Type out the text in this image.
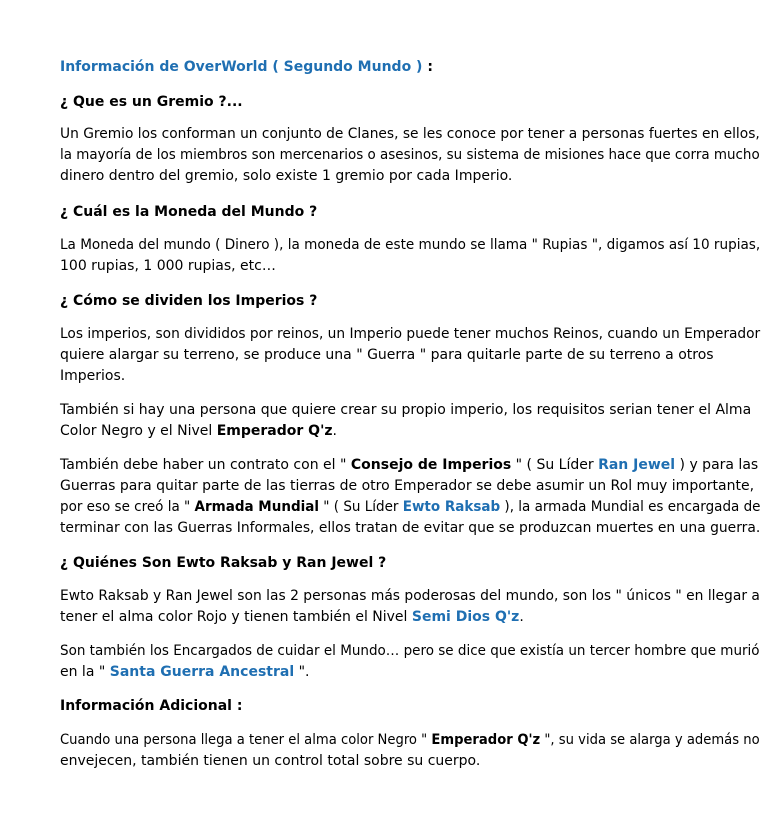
Información de OverWorld ( Segundo Mundo ) :
¿ Que es un Gremio ?...
Un Gremio los conforman un conjunto de Clanes, se les conoce por tener a personas fuertes en ellos,
la mayoría de los miembros son mercenarios o asesinos, su sistema de misiones hace que corra mucho
dinero dentro del gremio, solo existe 1 gremio por cada Imperio.
¿ Cuál es la Moneda del Mundo ?
La Moneda del mundo ( Dinero ), la moneda de este mundo se llama " Rupias ", digamos así 10 rupias,
100 rupias, 1 000 rupias, etc…
¿ Cómo se dividen los Imperios ?
Los imperios, son divididos por reinos, un Imperio puede tener muchos Reinos, cuando un Emperador
quiere alargar su terreno, se produce una " Guerra " para quitarle parte de su terreno a otros
Imperios.
También si hay una persona que quiere crear su propio imperio, los requisitos serian tener el Alma
Color Negro y el Nivel Emperador Q'z.
También debe haber un contrato con el " Consejo de Imperios " ( Su Líder Ran Jewel ) y para las
Guerras para quitar parte de las tierras de otro Emperador se debe asumir un Rol muy importante,
por eso se creó la " Armada Mundial " ( Su Líder Ewto Raksab ), la armada Mundial es encargada de
terminar con las Guerras Informales, ellos tratan de evitar que se produzcan muertes en una guerra.
¿ Quiénes Son Ewto Raksab y Ran Jewel ?
Ewto Raksab y Ran Jewel son las 2 personas más poderosas del mundo, son los " únicos " en llegar a
tener el alma color Rojo y tienen también el Nivel Semi Dios Q'z.
Son también los Encargados de cuidar el Mundo… pero se dice que existía un tercer hombre que murió
en la " Santa Guerra Ancestral ".
Información Adicional :
Cuando una persona llega a tener el alma color Negro " Emperador Q'z ", su vida se alarga y además no
envejecen, también tienen un control total sobre su cuerpo.
